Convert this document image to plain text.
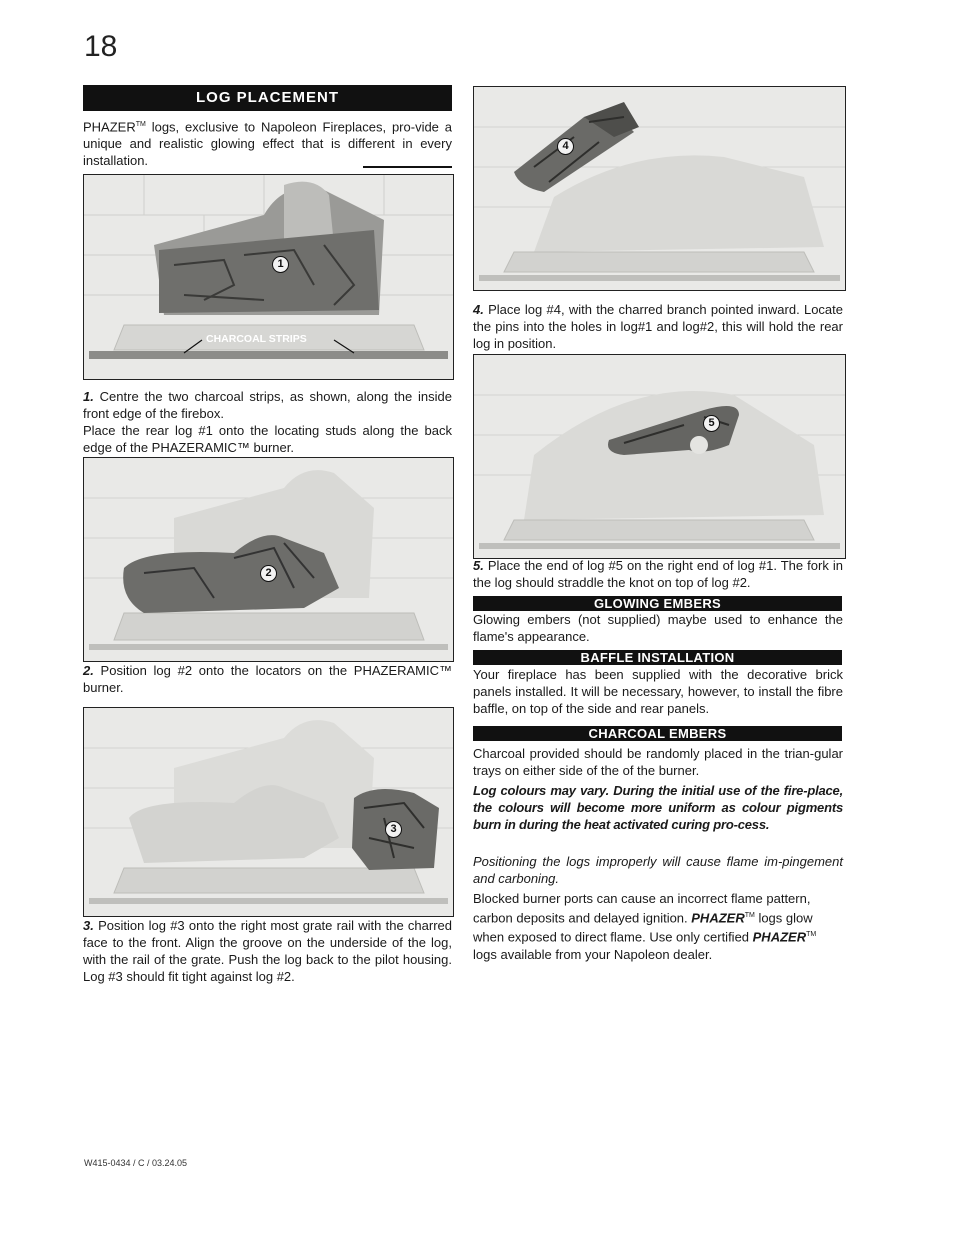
18
LOG PLACEMENT
PHAZER™ logs, exclusive to Napoleon Fireplaces, pro-vide a unique and realistic glowing effect that is different in every installation.
1
CHARCOAL STRIPS
1. Centre the two charcoal strips, as shown, along the inside front edge of the firebox.
Place the rear log #1 onto the locating studs along the back edge of the PHAZERAMIC™ burner.
2
2. Position log #2 onto the locators on the PHAZERAMIC™ burner.
3
3. Position log #3 onto the right most grate rail with the charred face to the front. Align the groove on the underside of the log, with the rail of the grate. Push the log back to the pilot housing. Log #3 should fit tight against log #2.
4
4. Place log #4, with the charred branch pointed inward. Locate the pins into the holes in log#1 and log#2, this will hold the rear log in position.
5
5. Place the end of log #5 on the right end of log #1. The fork in the log should straddle the knot on top of log #2.
GLOWING EMBERS
Glowing embers (not supplied) maybe used to enhance the flame's appearance.
BAFFLE INSTALLATION
Your fireplace has been supplied with the decorative brick panels installed. It will be necessary, however, to install the fibre baffle, on top of the side and rear panels.
CHARCOAL EMBERS
Charcoal provided should be randomly placed in the trian-gular trays on either side of the of the burner.
Log colours may vary. During the initial use of the fire-place, the colours will become more uniform as colour pigments burn in during the heat activated curing pro-cess.
Positioning the logs improperly will cause flame im-pingement and carboning.
Blocked burner ports can cause an incorrect flame pattern, carbon deposits and delayed ignition. PHAZER™ logs glow when exposed to direct flame. Use only certified PHAZER™ logs available from your Napoleon dealer.
W415-0434 / C / 03.24.05
